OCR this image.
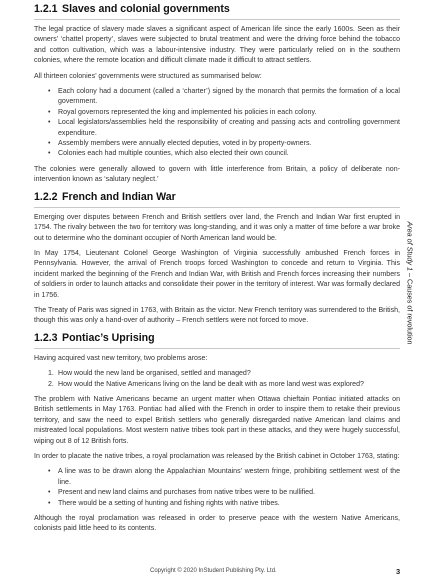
1.2.1 Slaves and colonial governments

The legal practice of slavery made slaves a significant aspect of American life since the early 1600s. Seen as their owners’ ‘chattel property’, slaves were subjected to brutal treatment and were the driving force behind the tobacco and cotton cultivation, which was a labour-intensive industry. They were particularly relied on in the southern colonies, where the remote location and difficult climate made it difficult to attract settlers.

All thirteen colonies’ governments were structured as summarised below:

• Each colony had a document (called a ‘charter’) signed by the monarch that permits the formation of a local government.
• Royal governors represented the king and implemented his policies in each colony.
• Local legislators/assemblies held the responsibility of creating and passing acts and controlling government expenditure.
• Assembly members were annually elected deputies, voted in by property-owners.
• Colonies each had multiple counties, which also elected their own council.

The colonies were generally allowed to govern with little interference from Britain, a policy of deliberate non-intervention known as ‘salutary neglect.’

1.2.2 French and Indian War

Emerging over disputes between French and British settlers over land, the French and Indian War first erupted in 1754. The rivalry between the two for territory was long-standing, and it was only a matter of time before a war broke out to determine who the dominant occupier of North American land would be.

In May 1754, Lieutenant Colonel George Washington of Virginia successfully ambushed French forces in Pennsylvania. However, the arrival of French troops forced Washington to concede and return to Virginia. This incident marked the beginning of the French and Indian War, with British and French forces increasing their numbers of soldiers in order to launch attacks and consolidate their power in the territory of interest. War was formally declared in 1756.

The Treaty of Paris was signed in 1763, with Britain as the victor. New French territory was surrendered to the British, though this was only a hand-over of authority – French settlers were not forced to move.

1.2.3 Pontiac’s Uprising

Having acquired vast new territory, two problems arose:

1. How would the new land be organised, settled and managed?
2. How would the Native Americans living on the land be dealt with as more land west was explored?

The problem with Native Americans became an urgent matter when Ottawa chieftain Pontiac initiated attacks on British settlements in May 1763. Pontiac had allied with the French in order to inspire them to retake their previous territory, and saw the need to expel British settlers who generally disregarded native American land claims and mistreated local populations. Most western native tribes took part in these attacks, and they were hugely successful, wiping out 8 of 12 British forts.

In order to placate the native tribes, a royal proclamation was released by the British cabinet in October 1763, stating:

• A line was to be drawn along the Appalachian Mountains’ western fringe, prohibiting settlement west of the line.
• Present and new land claims and purchases from native tribes were to be nullified.
• There would be a setting of hunting and fishing rights with native tribes.

Although the royal proclamation was released in order to preserve peace with the western Native Americans, colonists paid little heed to its contents.

Area of Study 1 – Causes of revolution
Copyright © 2020 InStudent Publishing Pty. Ltd.	3
